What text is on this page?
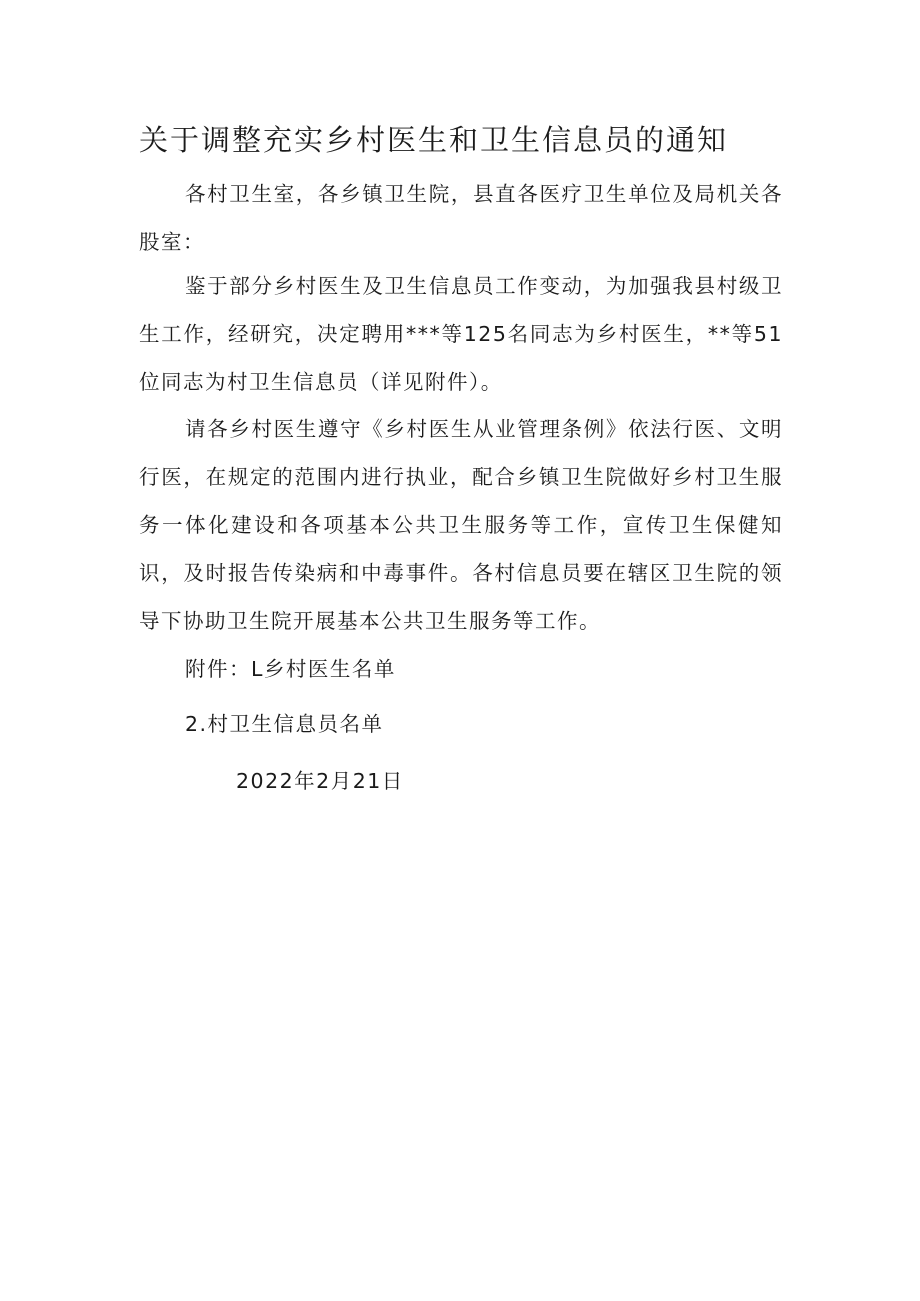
关于调整充实乡村医生和卫生信息员的通知

各村卫生室，各乡镇卫生院，县直各医疗卫生单位及局机关各股室：

鉴于部分乡村医生及卫生信息员工作变动，为加强我县村级卫生工作，经研究，决定聘用***等125名同志为乡村医生，**等51位同志为村卫生信息员（详见附件）。

请各乡村医生遵守《乡村医生从业管理条例》依法行医、文明行医，在规定的范围内进行执业，配合乡镇卫生院做好乡村卫生服务一体化建设和各项基本公共卫生服务等工作，宣传卫生保健知识，及时报告传染病和中毒事件。各村信息员要在辖区卫生院的领导下协助卫生院开展基本公共卫生服务等工作。

附件：L乡村医生名单

2.村卫生信息员名单

2022年2月21日
